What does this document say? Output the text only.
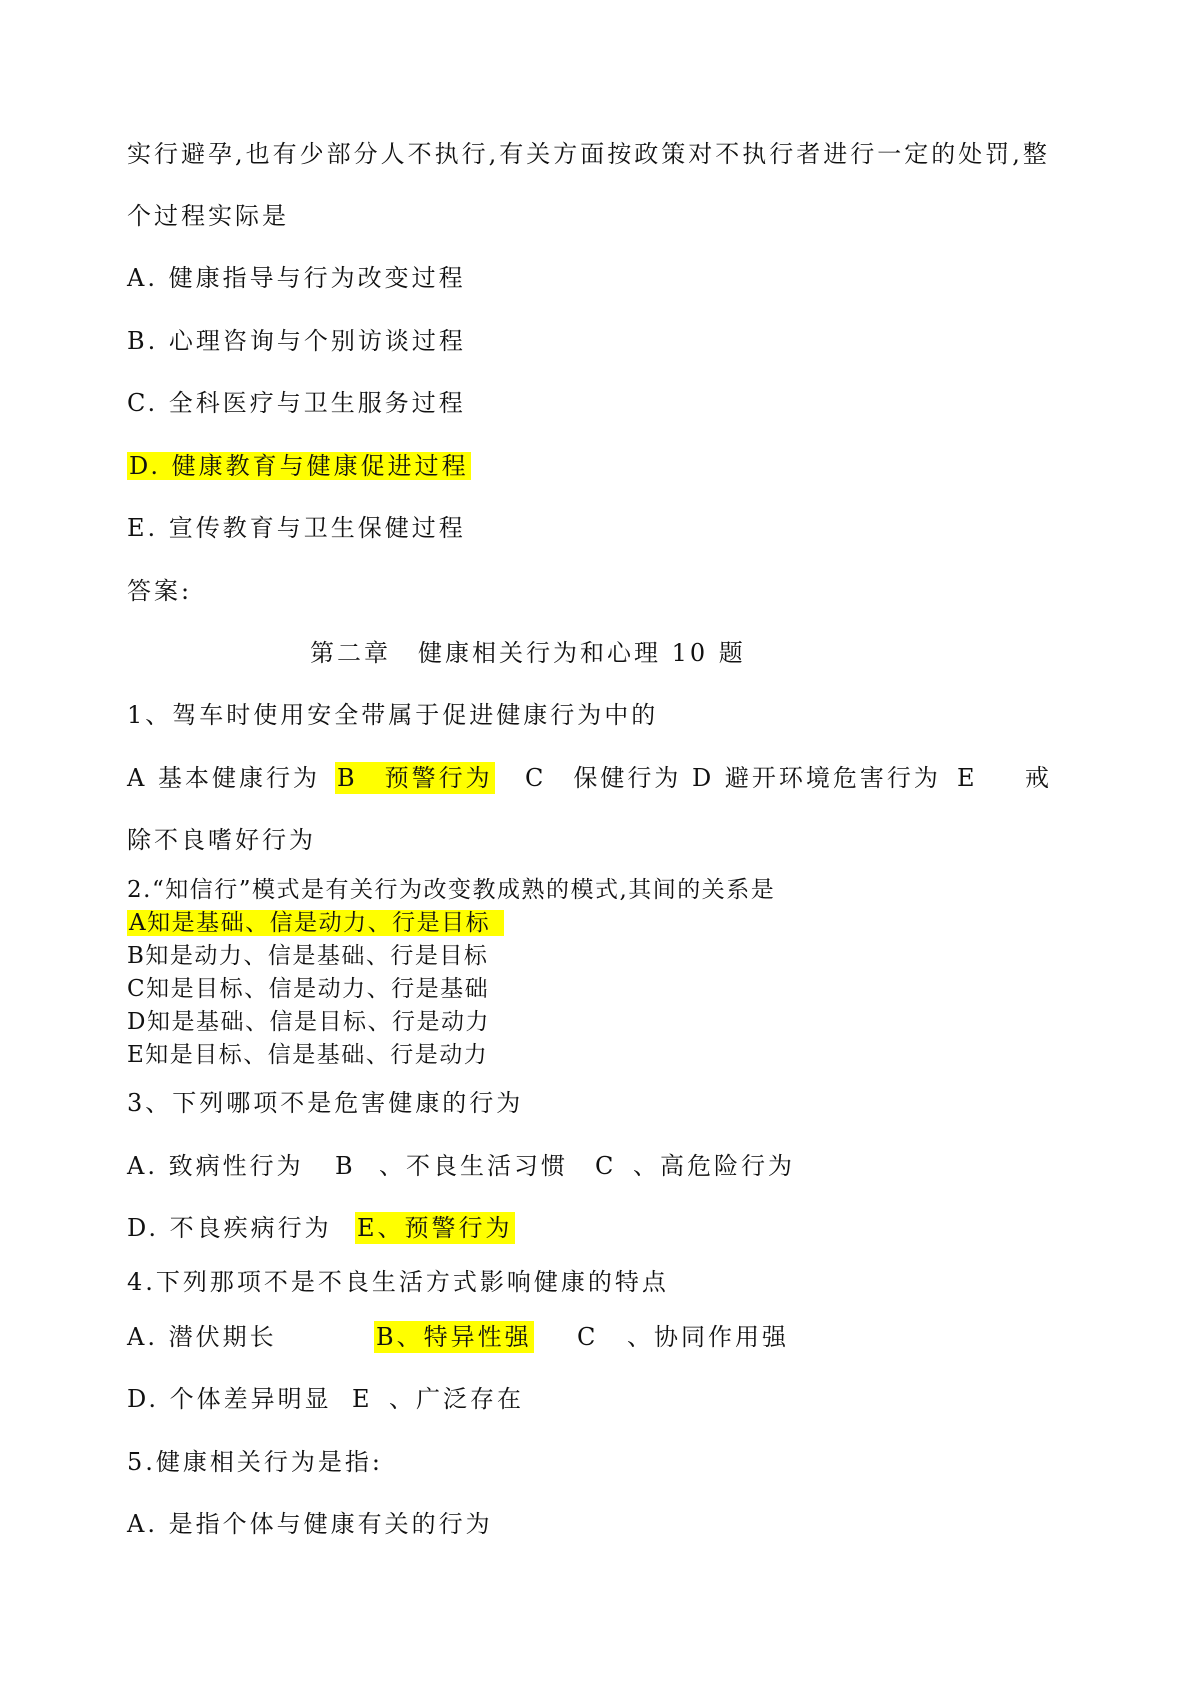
实行避孕,也有少部分人不执行,有关方面按政策对不执行者进行一定的处罚,整
个过程实际是
A. 健康指导与行为改变过程
B. 心理咨询与个别访谈过程
C. 全科医疗与卫生服务过程
D. 健康教育与健康促进过程
E. 宣传教育与卫生保健过程
答案:
第二章　健康相关行为和心理 10 题
1、驾车时使用安全带属于促进健康行为中的
A 基本健康行为 B　预警行为 C　保健行为 D 避开环境危害行为 E 戒
除不良嗜好行为
2.“知信行”模式是有关行为改变教成熟的模式,其间的关系是
A知是基础、信是动力、行是目标
B知是动力、信是基础、行是目标
C知是目标、信是动力、行是基础
D知是基础、信是目标、行是动力
E知是目标、信是基础、行是动力
3、下列哪项不是危害健康的行为
A. 致病性行为 B 、不良生活习惯 C 、高危险行为
D. 不良疾病行为 E、预警行为
4.下列那项不是不良生活方式影响健康的特点
A. 潜伏期长	B、特异性强 C 、协同作用强
D. 个体差异明显 E 、广泛存在
5.健康相关行为是指:
A. 是指个体与健康有关的行为
